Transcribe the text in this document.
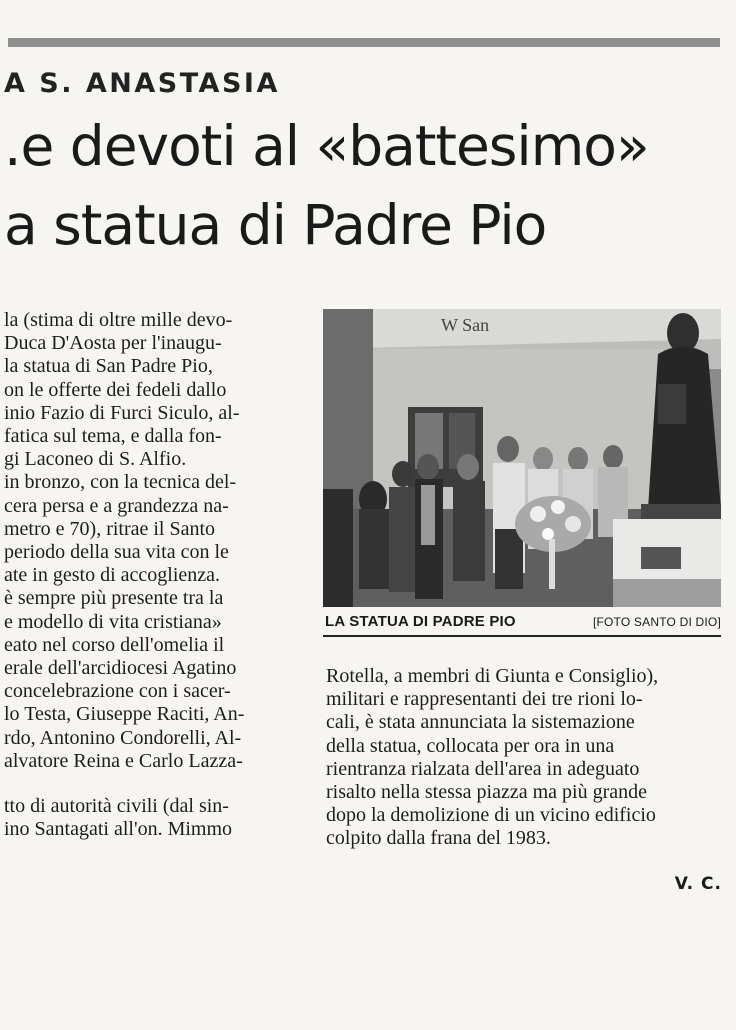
A S. ANASTASIA
.e devoti al «battesimo»
a statua di Padre Pio
la (stima di oltre mille devo-
Duca D'Aosta per l'inaugu-
la statua di San Padre Pio,
on le offerte dei fedeli dallo
inio Fazio di Furci Siculo, al-
fatica sul tema, e dalla fon-
gi Laconeo di S. Alfio.
in bronzo, con la tecnica del-
cera persa e a grandezza na-
metro e 70), ritrae il Santo
periodo della sua vita con le
ate in gesto di accoglienza.
è sempre più presente tra la
e modello di vita cristiana»
eato nel corso dell'omelia il
erale dell'arcidiocesi Agatino
concelebrazione con i sacer-
lo Testa, Giuseppe Raciti, An-
rdo, Antonino Condorelli, Al-
alvatore Reina e Carlo Lazza-
tto di autorità civili (dal sin-
ino Santagati all'on. Mimmo
W San
LA STATUA DI PADRE PIO	[FOTO SANTO DI DIO]
Rotella, a membri di Giunta e Consiglio),
militari e rappresentanti dei tre rioni lo-
cali, è stata annunciata la sistemazione
della statua, collocata per ora in una
rientranza rialzata dell'area in adeguato
risalto nella stessa piazza ma più grande
dopo la demolizione di un vicino edificio
colpito dalla frana del 1983.
V. C.
